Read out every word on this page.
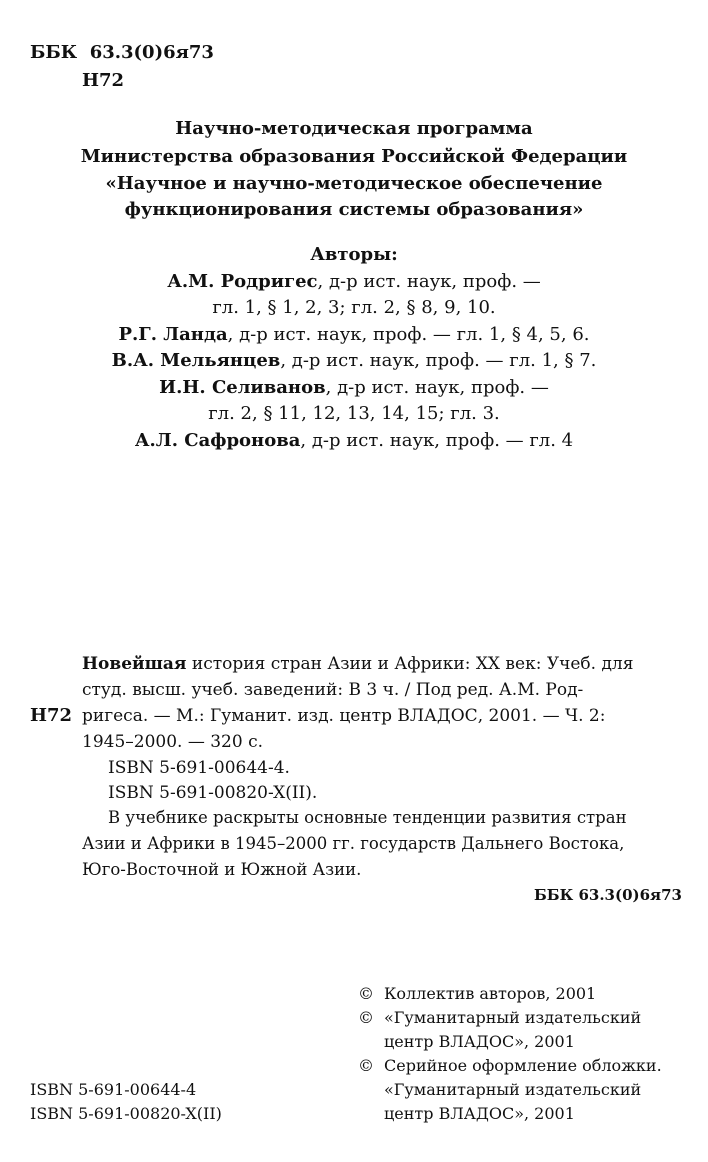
ББК 63.3(0)6я73
Н72
Научно-методическая программа
Министерства образования Российской Федерации
«Научное и научно-методическое обеспечение
функционирования системы образования»
Авторы:
А.М. Родригес, д-р ист. наук, проф. —
гл. 1, § 1, 2, 3; гл. 2, § 8, 9, 10.
Р.Г. Ланда, д-р ист. наук, проф. — гл. 1, § 4, 5, 6.
В.А. Мельянцев, д-р ист. наук, проф. — гл. 1, § 7.
И.Н. Селиванов, д-р ист. наук, проф. —
гл. 2, § 11, 12, 13, 14, 15; гл. 3.
А.Л. Сафронова, д-р ист. наук, проф. — гл. 4
Н72
Новейшая история стран Азии и Африки: XX век: Учеб. для
студ. высш. учеб. заведений: В 3 ч. / Под ред. А.М. Род-
ригеса. — М.: Гуманит. изд. центр ВЛАДОС, 2001. — Ч. 2:
1945–2000. — 320 с.
ISBN 5-691-00644-4.
ISBN 5-691-00820-X(II).
В учебнике раскрыты основные тенденции развития стран
Азии и Африки в 1945–2000 гг. государств Дальнего Востока,
Юго-Восточной и Южной Азии.
ББК 63.3(0)6я73
© Коллектив авторов, 2001
© «Гуманитарный издательский
центр ВЛАДОС», 2001
© Серийное оформление обложки.
«Гуманитарный издательский
центр ВЛАДОС», 2001
ISBN 5-691-00644-4
ISBN 5-691-00820-X(II)
